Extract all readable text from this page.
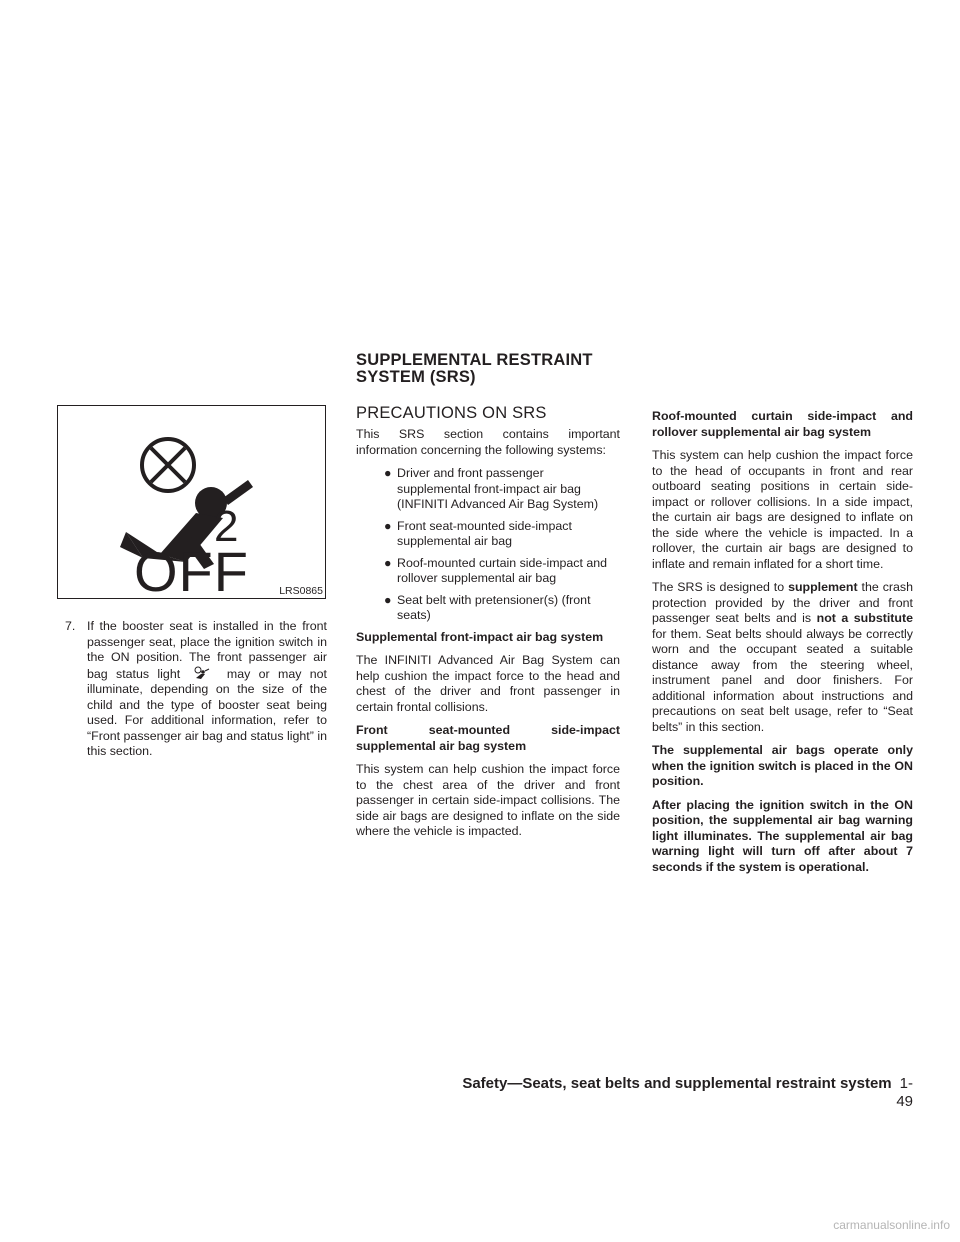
SUPPLEMENTAL RESTRAINT
SYSTEM (SRS)
2
OFF	LRS0865
7. If the booster seat is installed in the front passenger seat, place the ignition switch in the ON position. The front passenger air bag status light	may or may not illuminate, depending on the size of the child and the type of booster seat being used. For additional information, refer to “Front passenger air bag and status light” in this section.
PRECAUTIONS ON SRS

This SRS section contains important information concerning the following systems:

● Driver and front passenger supplemental front-impact air bag (INFINITI Advanced Air Bag System)
● Front seat-mounted side-impact supplemental air bag
● Roof-mounted curtain side-impact and rollover supplemental air bag
● Seat belt with pretensioner(s) (front seats)

Supplemental front-impact air bag system

The INFINITI Advanced Air Bag System can help cushion the impact force to the head and chest of the driver and front passenger in certain frontal collisions.

Front seat-mounted side-impact supplemental air bag system

This system can help cushion the impact force to the chest area of the driver and front passenger in certain side-impact collisions. The side air bags are designed to inflate on the side where the vehicle is impacted.

Roof-mounted curtain side-impact and rollover supplemental air bag system

This system can help cushion the impact force to the head of occupants in front and rear outboard seating positions in certain side-impact or rollover collisions. In a side impact, the curtain air bags are designed to inflate on the side where the vehicle is impacted. In a rollover, the curtain air bags are designed to inflate and remain inflated for a short time.

The SRS is designed to supplement the crash protection provided by the driver and front passenger seat belts and is not a substitute for them. Seat belts should always be correctly worn and the occupant seated a suitable distance away from the steering wheel, instrument panel and door finishers. For additional information about instructions and precautions on seat belt usage, refer to “Seat belts” in this section.

The supplemental air bags operate only when the ignition switch is placed in the ON position.

After placing the ignition switch in the ON position, the supplemental air bag warning light illuminates. The supplemental air bag warning light will turn off after about 7 seconds if the system is operational.

Safety—Seats, seat belts and supplemental restraint system 1-49
carmanualsonline.info
